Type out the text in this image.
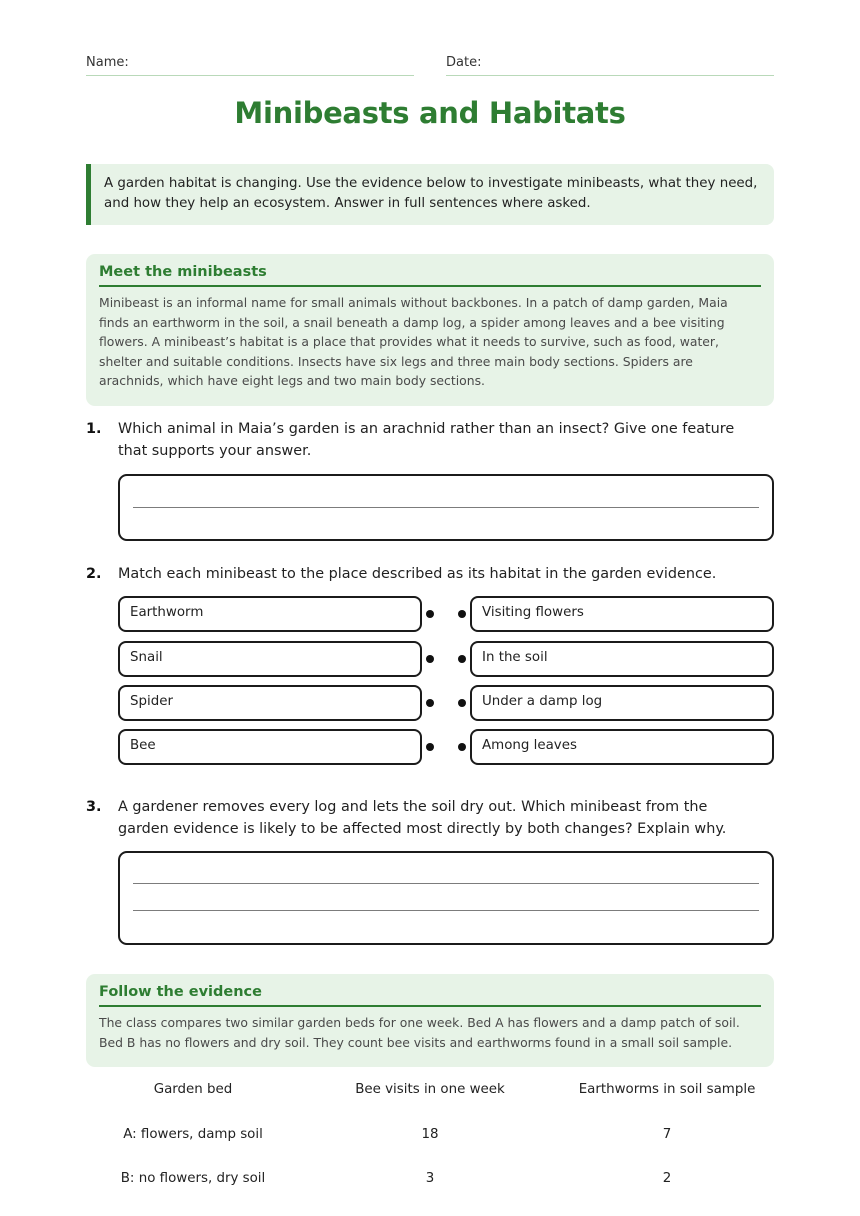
Name:	Date:
Minibeasts and Habitats
A garden habitat is changing. Use the evidence below to investigate minibeasts, what they need, and how they help an ecosystem. Answer in full sentences where asked.
Meet the minibeasts

Minibeast is an informal name for small animals without backbones. In a patch of damp garden, Maia finds an earthworm in the soil, a snail beneath a damp log, a spider among leaves and a bee visiting flowers. A minibeast’s habitat is a place that provides what it needs to survive, such as food, water, shelter and suitable conditions. Insects have six legs and three main body sections. Spiders are arachnids, which have eight legs and two main body sections.

1. Which animal in Maia’s garden is an arachnid rather than an insect? Give one feature that supports your answer.
2. Match each minibeast to the place described as its habitat in the garden evidence.
Earthworm
Snail
Spider
Bee
Visiting flowers
In the soil
Under a damp log
Among leaves
3. A gardener removes every log and lets the soil dry out. Which minibeast from the garden evidence is likely to be affected most directly by both changes? Explain why.
Follow the evidence

The class compares two similar garden beds for one week. Bed A has flowers and a damp patch of soil. Bed B has no flowers and dry soil. They count bee visits and earthworms found in a small soil sample.

Garden bed	Bee visits in one week	Earthworms in soil sample
A: flowers, damp soil	18	7
B: no flowers, dry soil	3	2
